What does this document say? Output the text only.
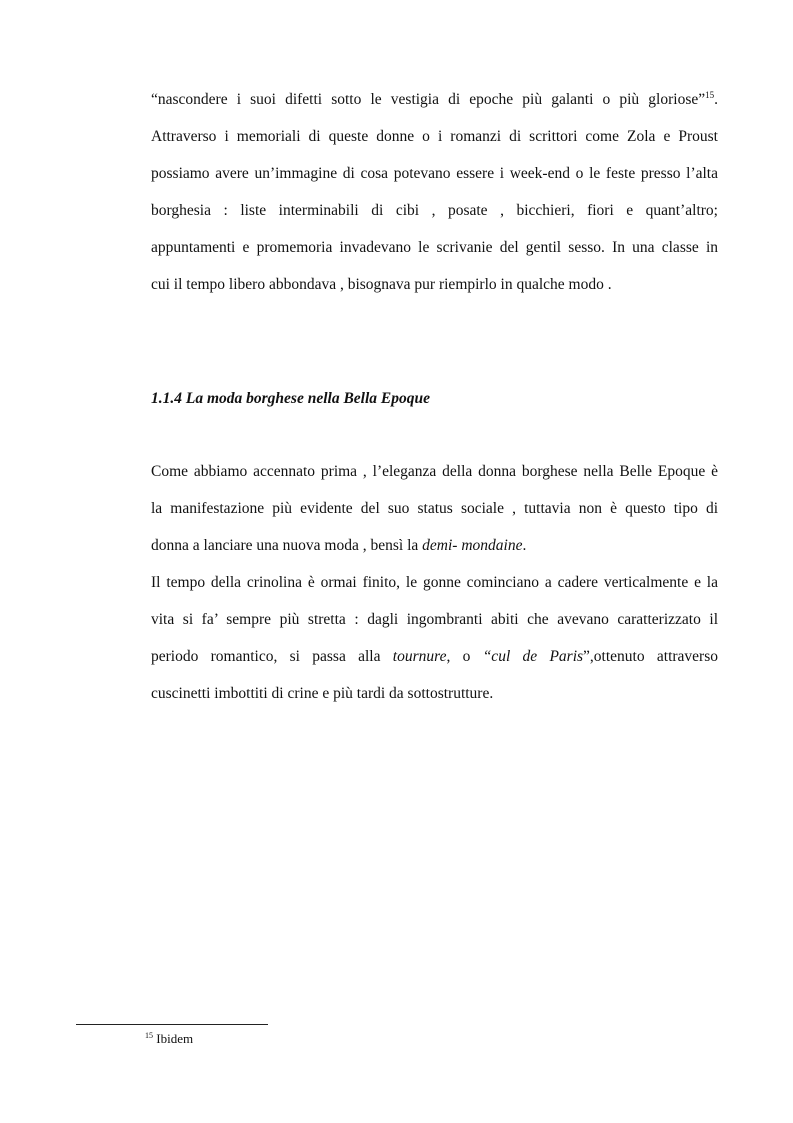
“nascondere i suoi difetti sotto le vestigia di epoche più galanti o più gloriose”$^{15}$.
Attraverso i memoriali di queste donne o i romanzi di scrittori come Zola e Proust
possiamo avere un’immagine di cosa potevano essere i week-end o le feste presso l’alta
borghesia : liste interminabili di cibi , posate , bicchieri, fiori e quant’altro;
appuntamenti e promemoria invadevano le scrivanie del gentil sesso. In una classe in
cui il tempo libero abbondava , bisognava pur riempirlo in qualche modo .
1.1.4 La moda borghese nella Bella Epoque
Come abbiamo accennato prima , l’eleganza della donna borghese nella Belle Epoque è
la manifestazione più evidente del suo status sociale , tuttavia non è questo tipo di
donna a lanciare una nuova moda , bensì la demi- mondaine.
Il tempo della crinolina è ormai finito, le gonne cominciano a cadere verticalmente e la
vita si fa’ sempre più stretta : dagli ingombranti abiti che avevano caratterizzato il
periodo romantico, si passa alla tournure, o “cul de Paris”,ottenuto attraverso
cuscinetti imbottiti di crine e più tardi da sottostrutture.
$^{15}$ Ibidem
